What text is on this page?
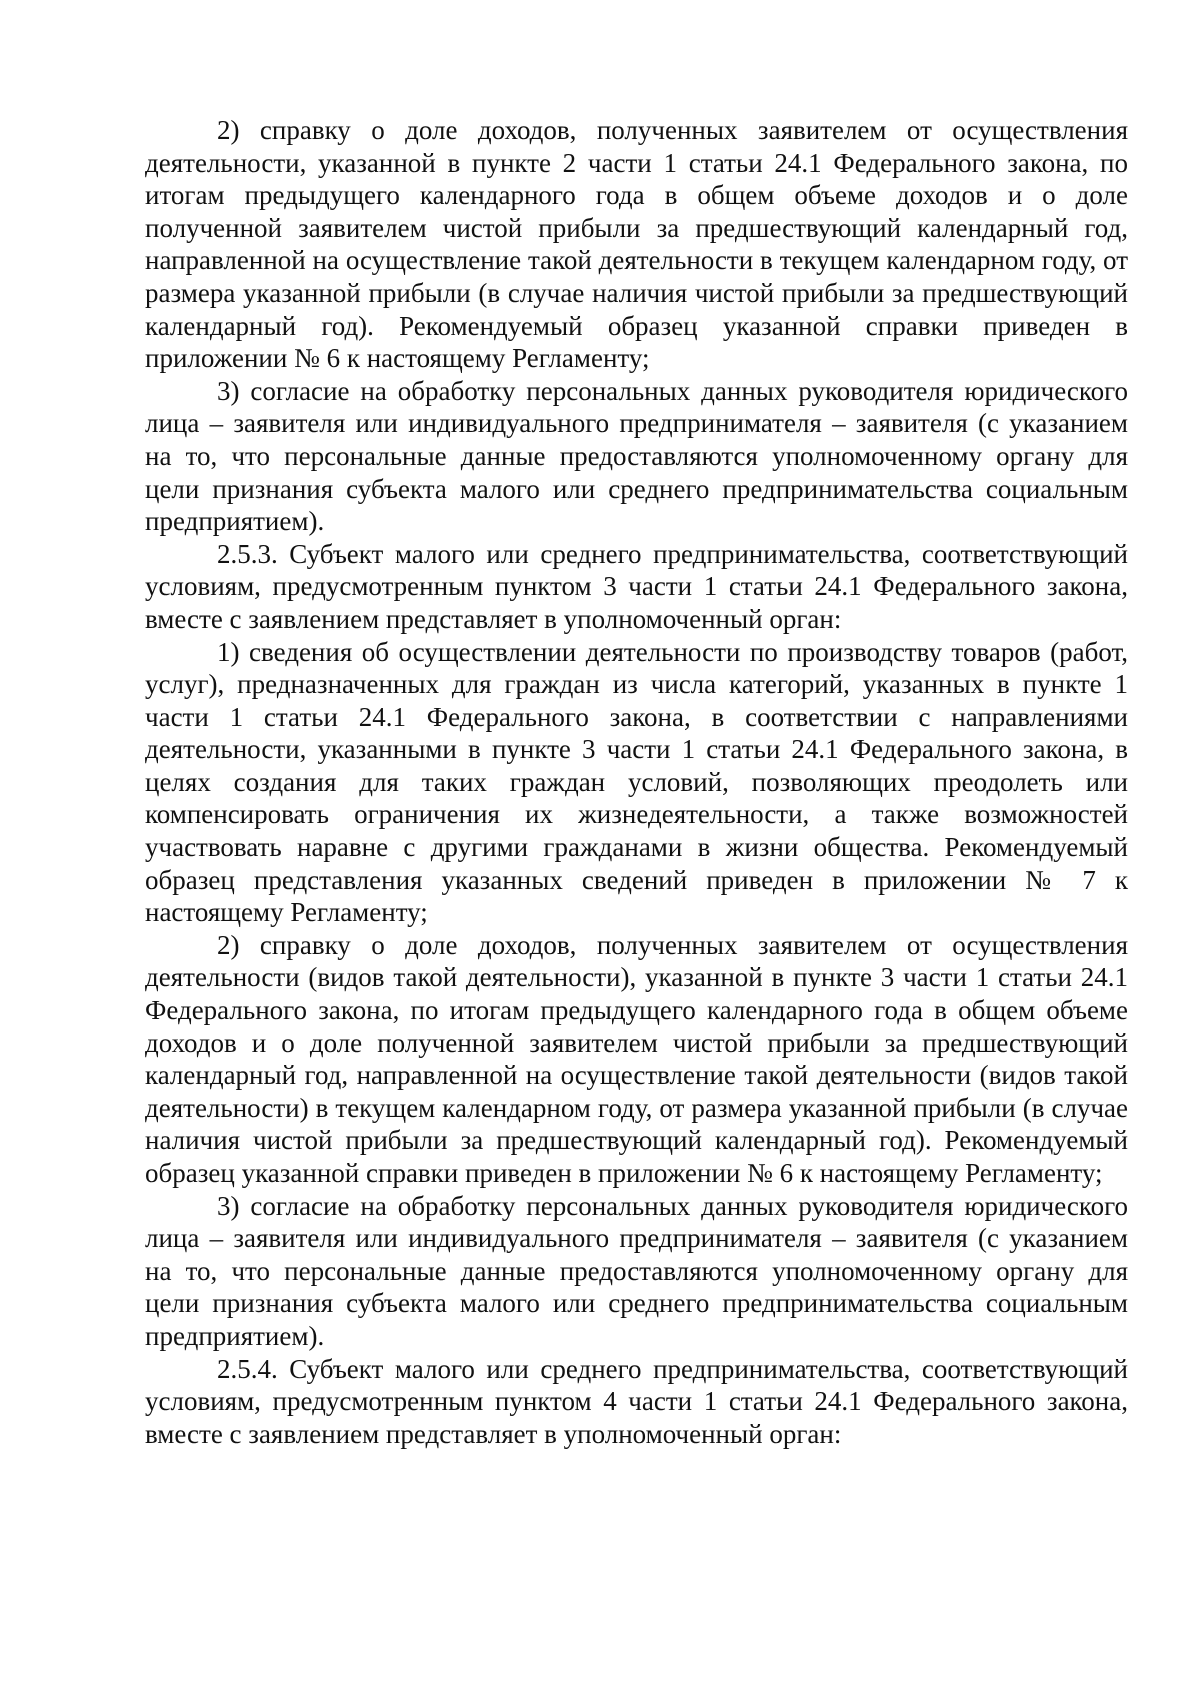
2) справку о доле доходов, полученных заявителем от осуществления деятельности, указанной в пункте 2 части 1 статьи 24.1 Федерального закона, по итогам предыдущего календарного года в общем объеме доходов и о доле полученной заявителем чистой прибыли за предшествующий календарный год, направленной на осуществление такой деятельности в текущем календарном году, от размера указанной прибыли (в случае наличия чистой прибыли за предшествующий календарный год). Рекомендуемый образец указанной справки приведен в приложении № 6 к настоящему Регламенту;

3) согласие на обработку персональных данных руководителя юридического лица – заявителя или индивидуального предпринимателя – заявителя (с указанием на то, что персональные данные предоставляются уполномоченному органу для цели признания субъекта малого или среднего предпринимательства социальным предприятием).

2.5.3. Субъект малого или среднего предпринимательства, соответствующий условиям, предусмотренным пунктом 3 части 1 статьи 24.1 Федерального закона, вместе с заявлением представляет в уполномоченный орган:

1) сведения об осуществлении деятельности по производству товаров (работ, услуг), предназначенных для граждан из числа категорий, указанных в пункте 1 части 1 статьи 24.1 Федерального закона, в соответствии с направлениями деятельности, указанными в пункте 3 части 1 статьи 24.1 Федерального закона, в целях создания для таких граждан условий, позволяющих преодолеть или компенсировать ограничения их жизнедеятельности, а также возможностей участвовать наравне с другими гражданами в жизни общества. Рекомендуемый образец представления указанных сведений приведен в приложении № 7 к настоящему Регламенту;

2) справку о доле доходов, полученных заявителем от осуществления деятельности (видов такой деятельности), указанной в пункте 3 части 1 статьи 24.1 Федерального закона, по итогам предыдущего календарного года в общем объеме доходов и о доле полученной заявителем чистой прибыли за предшествующий календарный год, направленной на осуществление такой деятельности (видов такой деятельности) в текущем календарном году, от размера указанной прибыли (в случае наличия чистой прибыли за предшествующий календарный год). Рекомендуемый образец указанной справки приведен в приложении № 6 к настоящему Регламенту;

3) согласие на обработку персональных данных руководителя юридического лица – заявителя или индивидуального предпринимателя – заявителя (с указанием на то, что персональные данные предоставляются уполномоченному органу для цели признания субъекта малого или среднего предпринимательства социальным предприятием).

2.5.4. Субъект малого или среднего предпринимательства, соответствующий условиям, предусмотренным пунктом 4 части 1 статьи 24.1 Федерального закона, вместе с заявлением представляет в уполномоченный орган:
